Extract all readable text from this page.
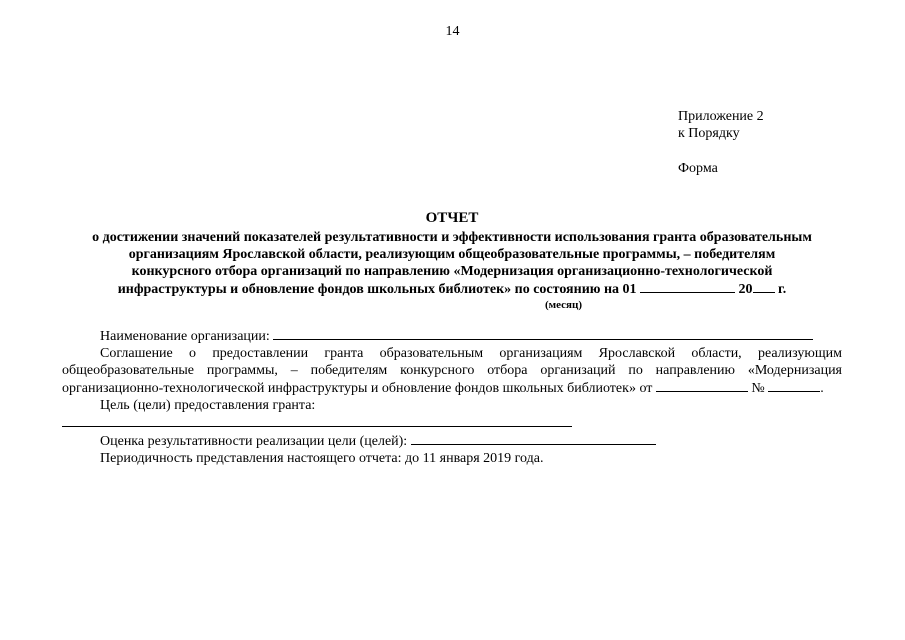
14
Приложение 2
к Порядку
Форма
ОТЧЕТ
о достижении значений показателей результативности и эффективности использования гранта образовательным
организациям Ярославской области, реализующим общеобразовательные программы, – победителям
конкурсного отбора организаций по направлению «Модернизация организационно-технологической
инфраструктуры и обновление фондов школьных библиотек» по состоянию на 01	20 г.
(месяц)
Наименование организации:
Соглашение о предоставлении гранта образовательным организациям Ярославской области, реализующим общеобразовательные программы, – победителям конкурсного отбора организаций по направлению «Модернизация организационно-технологической инфраструктуры и обновление фондов школьных библиотек» от	№	.
Цель (цели) предоставления гранта:
Оценка результативности реализации цели (целей):
Периодичность представления настоящего отчета: до 11 января 2019 года.
